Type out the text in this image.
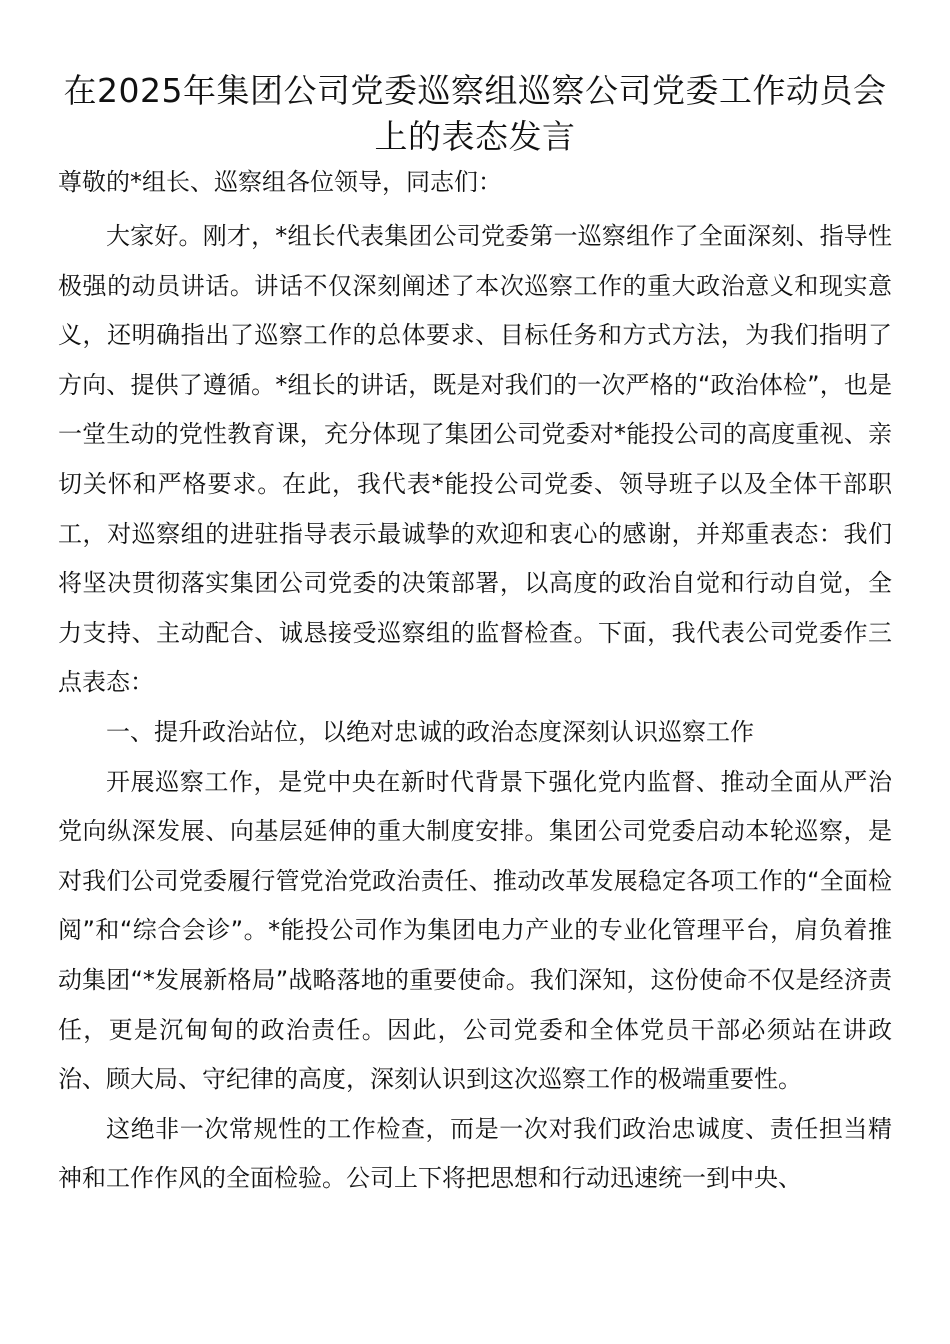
在2025年集团公司党委巡察组巡察公司党委工作动员会上的表态发言

尊敬的*组长、巡察组各位领导，同志们：

大家好。刚才，*组长代表集团公司党委第一巡察组作了全面深刻、指导性极强的动员讲话。讲话不仅深刻阐述了本次巡察工作的重大政治意义和现实意义，还明确指出了巡察工作的总体要求、目标任务和方式方法，为我们指明了方向、提供了遵循。*组长的讲话，既是对我们的一次严格的“政治体检”，也是一堂生动的党性教育课，充分体现了集团公司党委对*能投公司的高度重视、亲切关怀和严格要求。在此，我代表*能投公司党委、领导班子以及全体干部职工，对巡察组的进驻指导表示最诚挚的欢迎和衷心的感谢，并郑重表态：我们将坚决贯彻落实集团公司党委的决策部署，以高度的政治自觉和行动自觉，全力支持、主动配合、诚恳接受巡察组的监督检查。下面，我代表公司党委作三点表态：

一、提升政治站位，以绝对忠诚的政治态度深刻认识巡察工作

开展巡察工作，是党中央在新时代背景下强化党内监督、推动全面从严治党向纵深发展、向基层延伸的重大制度安排。集团公司党委启动本轮巡察，是对我们公司党委履行管党治党政治责任、推动改革发展稳定各项工作的“全面检阅”和“综合会诊”。*能投公司作为集团电力产业的专业化管理平台，肩负着推动集团“*发展新格局”战略落地的重要使命。我们深知，这份使命不仅是经济责任，更是沉甸甸的政治责任。因此，公司党委和全体党员干部必须站在讲政治、顾大局、守纪律的高度，深刻认识到这次巡察工作的极端重要性。

这绝非一次常规性的工作检查，而是一次对我们政治忠诚度、责任担当精神和工作作风的全面检验。公司上下将把思想和行动迅速统一到中央、
